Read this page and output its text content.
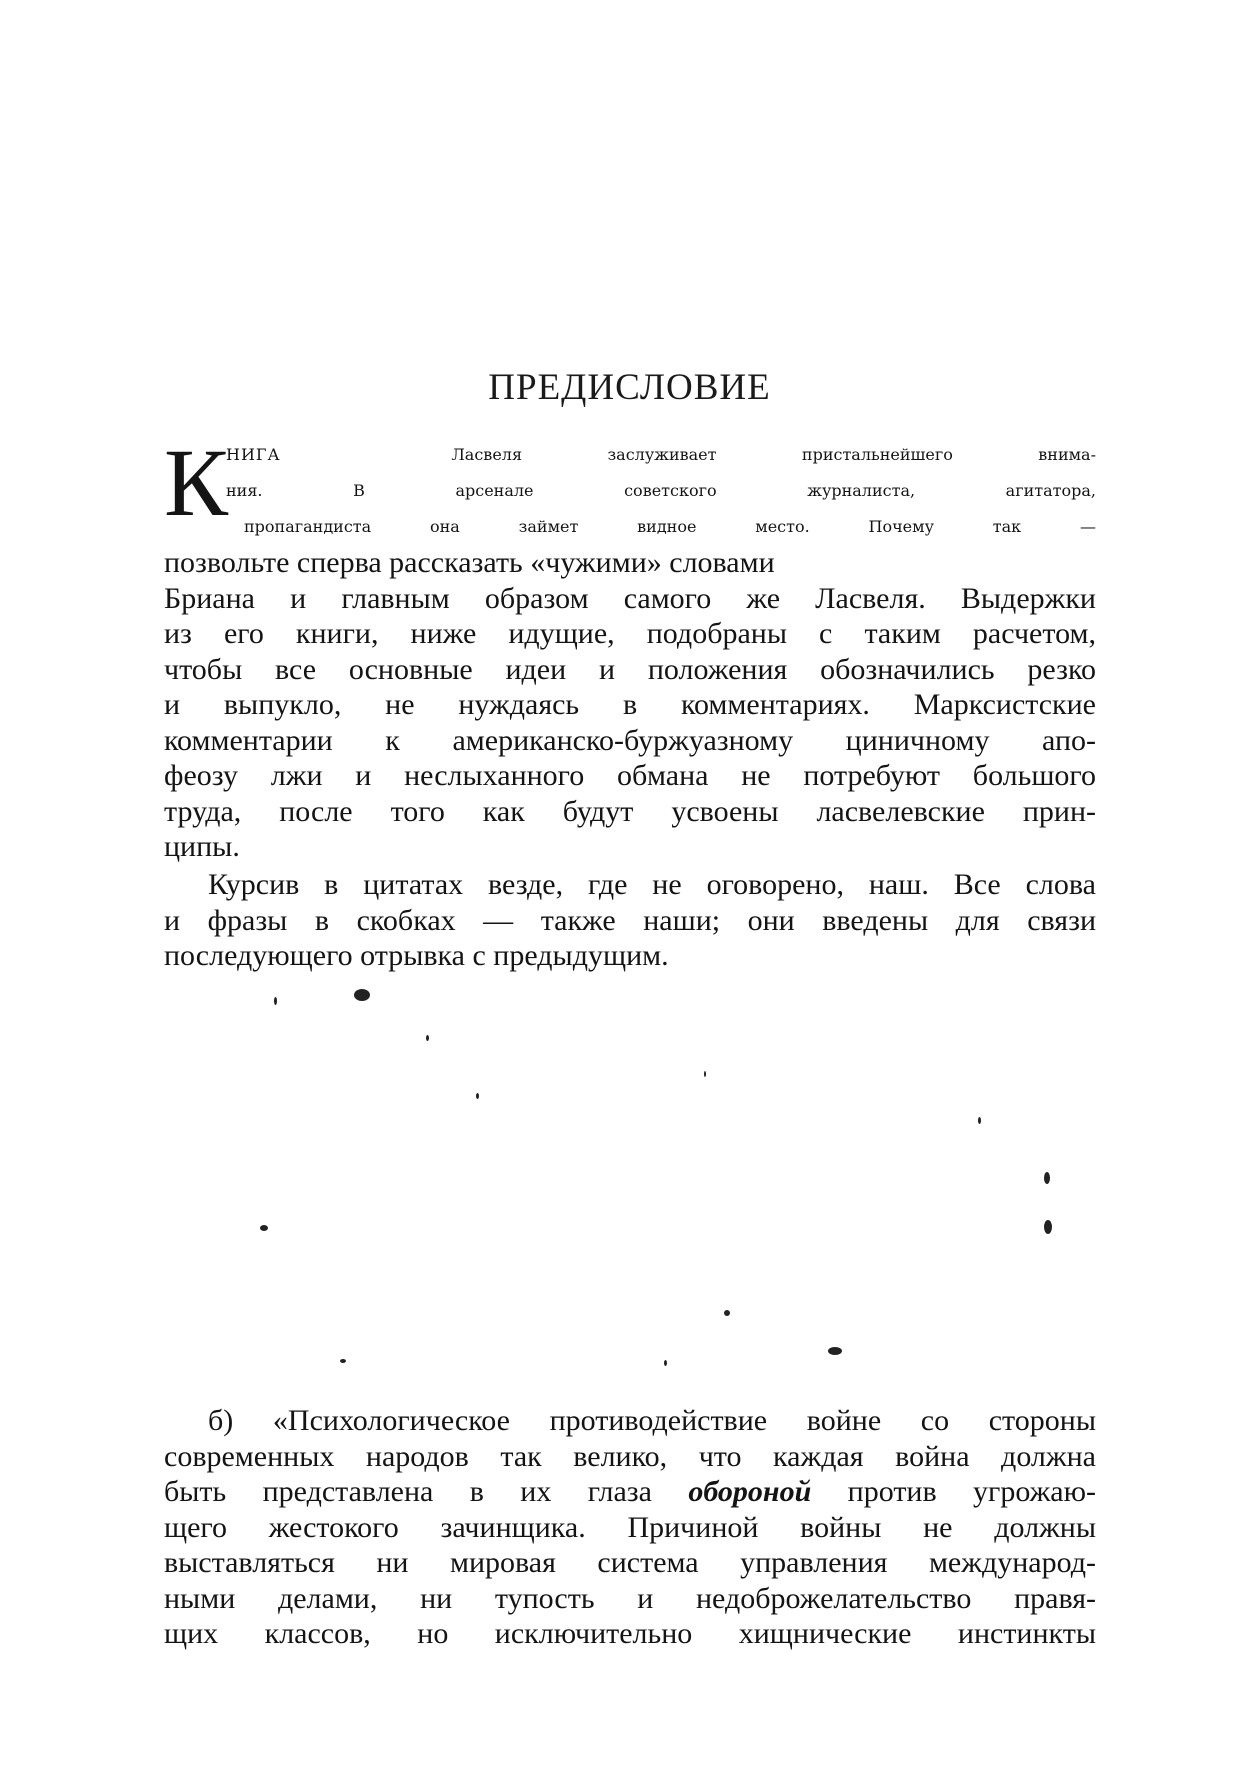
ПРЕДИСЛОВИЕ
К
НИГА	Ласвеля заслуживает пристальнейшего внима-
ния. В арсенале советского журналиста, агитатора,
пропагандиста она займет видное место. Почему так —
позвольте сперва рассказать «чужими» словами
Бриана и главным образом самого же Ласвеля. Выдержки
из его книги, ниже идущие, подобраны с таким расчетом,
чтобы все основные идеи и положения обозначились резко
и выпукло, не нуждаясь в комментариях. Марксистские
комментарии к американско-буржуазному циничному апо-
феозу лжи и неслыханного обмана не потребуют большого
труда, после того как будут усвоены ласвелевские прин-
ципы.
Курсив в цитатах везде, где не оговорено, наш. Все слова
и фразы в скобках — также наши; они введены для связи
последующего отрывка с предыдущим.
б) «Психологическое противодействие войне со стороны
современных народов так велико, что каждая война должна
быть представлена в их глаза обороной против угрожаю-
щего жестокого зачинщика. Причиной войны не должны
выставляться ни мировая система управления международ-
ными делами, ни тупость и недоброжелательство правя-
щих классов, но исключительно хищнические инстинкты
